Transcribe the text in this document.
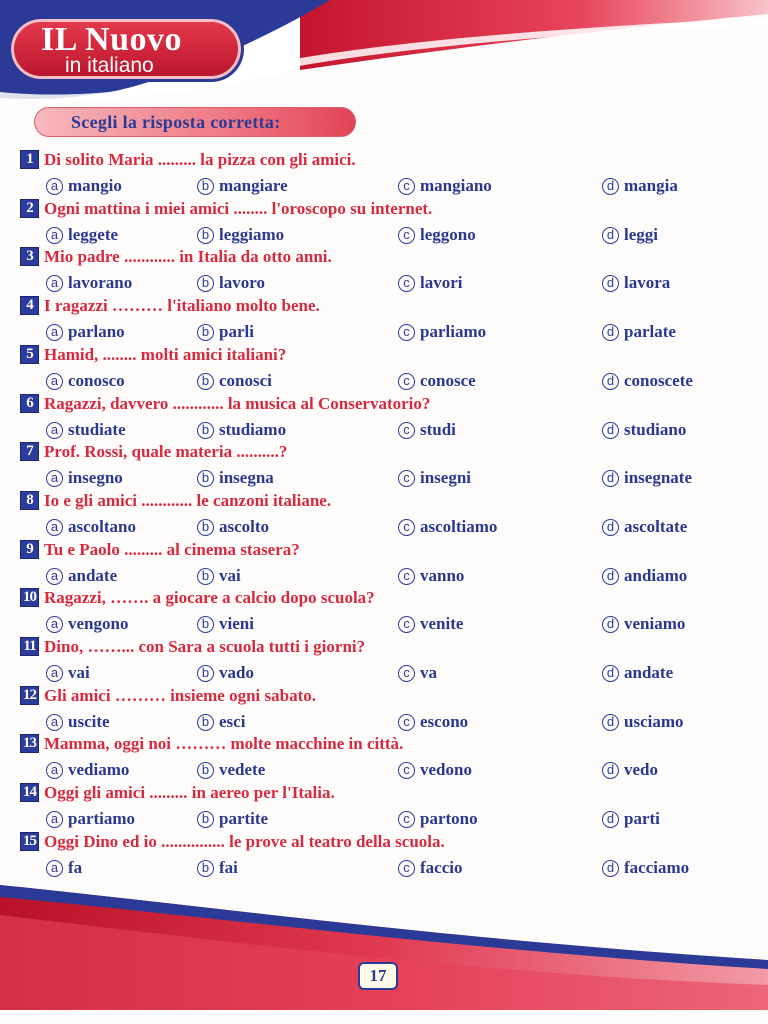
IL Nuovo
in italiano
Scegli la risposta corretta:
1 Di solito Maria ......... la pizza con gli amici.
a mangio	b mangiare	c mangiano	d mangia
2 Ogni mattina i miei amici ........ l'oroscopo su internet.
a leggete	b leggiamo	c leggono	d leggi
3 Mio padre ............ in Italia da otto anni.
a lavorano	b lavoro	c lavori	d lavora
4 I ragazzi ……… l'italiano molto bene.
a parlano	b parli	c parliamo	d parlate
5 Hamid, ........ molti amici italiani?
a conosco	b conosci	c conosce	d conoscete
6 Ragazzi, davvero ............ la musica al Conservatorio?
a studiate	b studiamo	c studi	d studiano
7 Prof. Rossi, quale materia ..........?
a insegno	b insegna	c insegni	d insegnate
8 Io e gli amici ............ le canzoni italiane.
a ascoltano	b ascolto	c ascoltiamo	d ascoltate
9 Tu e Paolo ......... al cinema stasera?
a andate	b vai	c vanno	d andiamo
10 Ragazzi, ……. a giocare a calcio dopo scuola?
a vengono	b vieni	c venite	d veniamo
11 Dino, ……... con Sara a scuola tutti i giorni?
a vai	b vado	c va	d andate
12 Gli amici ……… insieme ogni sabato.
a uscite	b esci	c escono	d usciamo
13 Mamma, oggi noi ……… molte macchine in città.
a vediamo	b vedete	c vedono	d vedo
14 Oggi gli amici ......... in aereo per l'Italia.
a partiamo	b partite	c partono	d parti
15 Oggi Dino ed io ............... le prove al teatro della scuola.
a fa	b fai	c faccio	d facciamo
17
